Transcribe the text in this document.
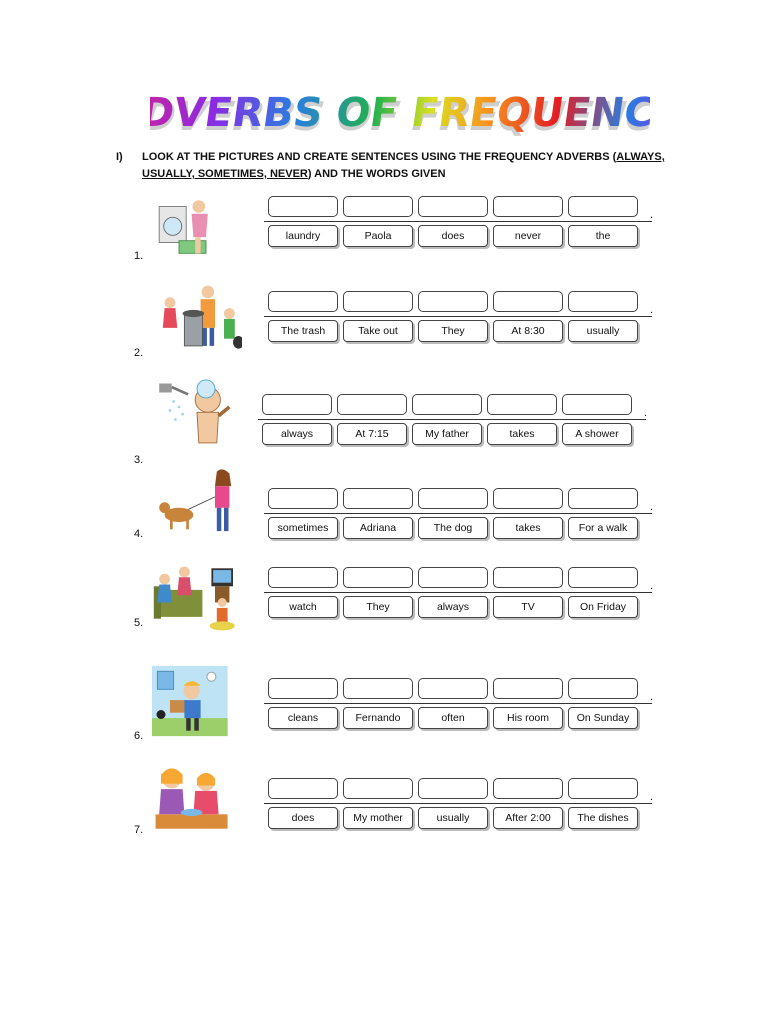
ADVERBS OF FREQUENCY
ADVERBS OF FREQUENCY
I) LOOK AT THE PICTURES AND CREATE SENTENCES USING THE FREQUENCY ADVERBS (ALWAYS, USUALLY, SOMETIMES, NEVER) AND THE WORDS GIVEN
1.
.
laundry	Paola	does	never	the
2.
.
The trash	Take out	They	At 8:30	usually
3.
.
always	At 7:15	My father	takes	A shower
4.
.
sometimes	Adriana	The dog	takes	For a walk
5.
.
watch	They	always	TV	On Friday
6.
.
cleans	Fernando	often	His room	On Sunday
7.
.
does	My mother	usually	After 2:00	The dishes
